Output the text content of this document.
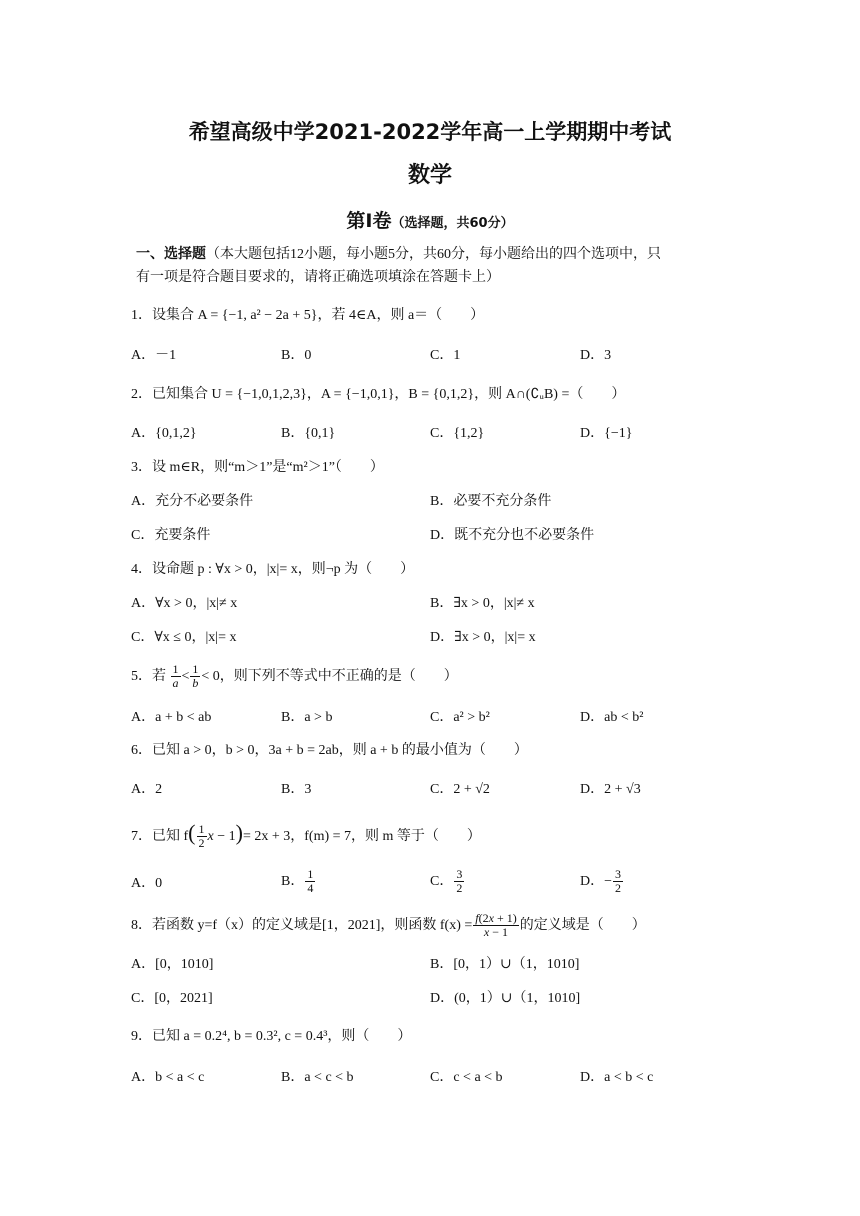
希望高级中学2021-2022学年高一上学期期中考试
数学
第Ⅰ卷（选择题，共60分）
一、选择题（本大题包括12小题，每小题5分，共60分，每小题给出的四个选项中，只
有一项是符合题目要求的，请将正确选项填涂在答题卡上）
1．设集合 A = {−1, a² − 2a + 5}，若 4∈A，则 a＝（　　）
A．－1	B．0	C．1	D．3
2．已知集合 U = {−1,0,1,2,3}，A = {−1,0,1}，B = {0,1,2}，则 A∩(∁ᵤB) =（　　）
A．{0,1,2}	B．{0,1}	C．{1,2}	D．{−1}
3．设 m∈R，则“m＞1”是“m²＞1”（　　）
A．充分不必要条件	B．必要不充分条件
C．充要条件	D．既不充分也不必要条件
4．设命题 p : ∀x > 0，|x|= x，则¬p 为（　　）
A．∀x > 0，|x|≠ x	B．∃x > 0，|x|≠ x
C．∀x ≤ 0，|x|= x	D．∃x > 0，|x|= x
5．若 $\frac{1}{a} < \frac{1}{b} < 0$，则下列不等式中不正确的是（　　）
A．a + b < ab	B．a > b	C．a² > b²	D．ab < b²
6．已知 a > 0，b > 0，3a + b = 2ab，则 a + b 的最小值为（　　）
A．2	B．3	C．2 + √2	D．2 + √3
7．已知 $f( \frac{1}{2}$ x − 1)= 2x + 3，f(m) = 7，则 m 等于（　　）
A．0	B． $\frac{1}{4}$	C． $\frac{3}{2}$	D．− $\frac{3}{2}$
8．若函数 y=f（x）的定义域是[1，2021]，则函数 $f(x) = \frac{f(2x + 1)}{x - 1}$ 的定义域是（　　）
A．[0，1010]	B．[0，1）∪（1，1010]
C．[0，2021]	D．(0，1）∪（1，1010]
9．已知 a = 0.2⁴, b = 0.3², c = 0.4³，则（　　）
A．b < a < c	B．a < c < b	C．c < a < b	D．a < b < c
